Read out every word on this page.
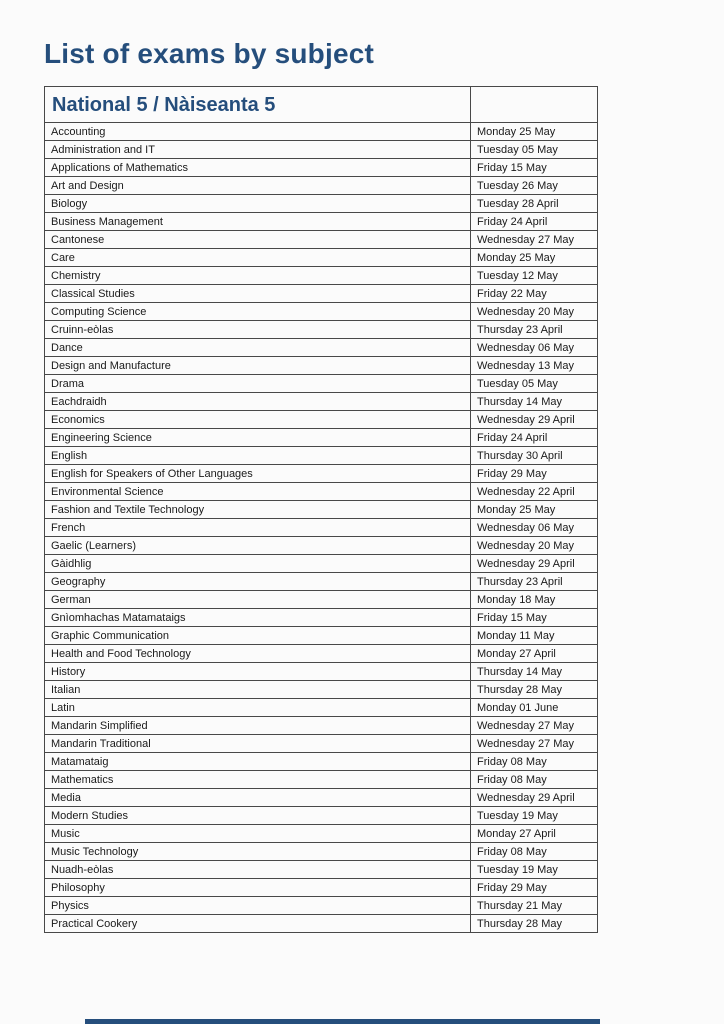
List of exams by subject
National 5 / Nàiseanta 5	
Accounting	Monday 25 May
Administration and IT	Tuesday 05 May
Applications of Mathematics	Friday 15 May
Art and Design	Tuesday 26 May
Biology	Tuesday 28 April
Business Management	Friday 24 April
Cantonese	Wednesday 27 May
Care	Monday 25 May
Chemistry	Tuesday 12 May
Classical Studies	Friday 22 May
Computing Science	Wednesday 20 May
Cruinn-eòlas	Thursday 23 April
Dance	Wednesday 06 May
Design and Manufacture	Wednesday 13 May
Drama	Tuesday 05 May
Eachdraidh	Thursday 14 May
Economics	Wednesday 29 April
Engineering Science	Friday 24 April
English	Thursday 30 April
English for Speakers of Other Languages	Friday 29 May
Environmental Science	Wednesday 22 April
Fashion and Textile Technology	Monday 25 May
French	Wednesday 06 May
Gaelic (Learners)	Wednesday 20 May
Gàidhlig	Wednesday 29 April
Geography	Thursday 23 April
German	Monday 18 May
Gnìomhachas Matamataigs	Friday 15 May
Graphic Communication	Monday 11 May
Health and Food Technology	Monday 27 April
History	Thursday 14 May
Italian	Thursday 28 May
Latin	Monday 01 June
Mandarin Simplified	Wednesday 27 May
Mandarin Traditional	Wednesday 27 May
Matamataig	Friday 08 May
Mathematics	Friday 08 May
Media	Wednesday 29 April
Modern Studies	Tuesday 19 May
Music	Monday 27 April
Music Technology	Friday 08 May
Nuadh-eòlas	Tuesday 19 May
Philosophy	Friday 29 May
Physics	Thursday 21 May
Practical Cookery	Thursday 28 May
